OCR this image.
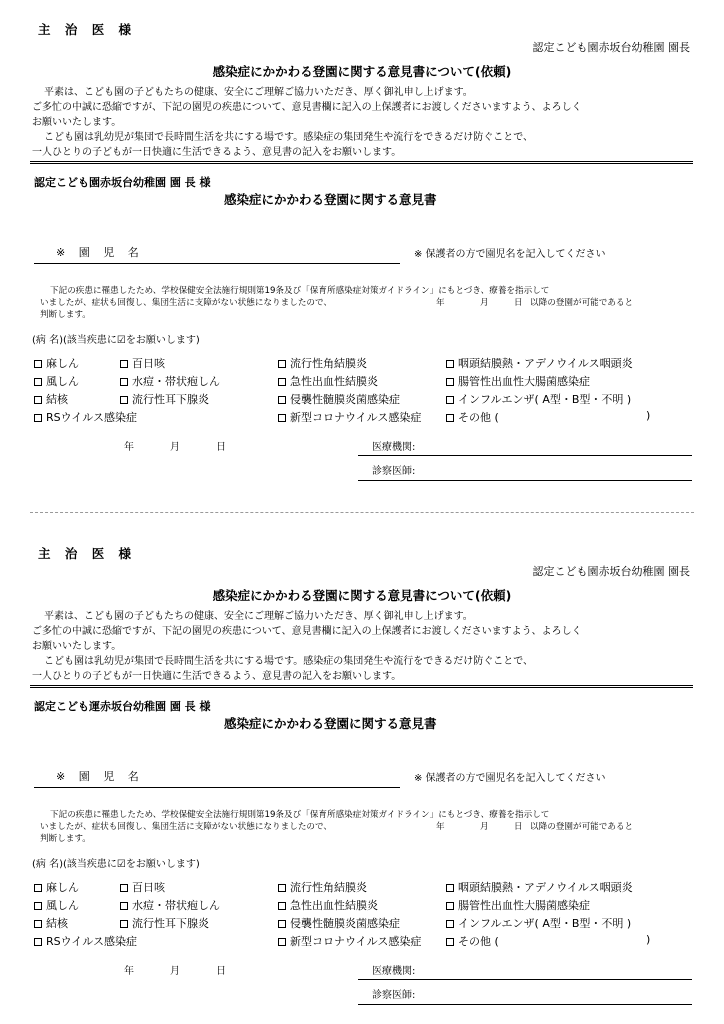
主 治 医 様
認定こども園赤坂台幼稚園 園長
感染症にかかわる登園に関する意見書について(依頼)
平素は、こども園の子どもたちの健康、安全にご理解ご協力いただき、厚く御礼申し上げます。
ご多忙の中誠に恐縮ですが、下記の園児の疾患について、意見書欄に記入の上保護者にお渡しくださいますよう、よろしく
お願いいたします。
こども園は乳幼児が集団で長時間生活を共にする場です。感染症の集団発生や流行をできるだけ防ぐことで、
一人ひとりの子どもが一日快適に生活できるよう、意見書の記入をお願いします。
認定こども園赤坂台幼稚園 園 長 様
感染症にかかわる登園に関する意見書
※ 園 児 名	※ 保護者の方で園児名を記入してください
下記の疾患に罹患したため、学校保健安全法施行規則第19条及び「保育所感染症対策ガイドライン」にもとづき、療養を指示して
いましたが、症状も回復し、集団生活に支障がない状態になりましたので、	年	月	日 以降の登園が可能であると
判断します。
(病 名)(該当疾患に☑をお願いします)
麻しん	百日咳	流行性角結膜炎	咽頭結膜熱・アデノウイルス咽頭炎
風しん	水痘・帯状疱しん	急性出血性結膜炎	腸管性出血性大腸菌感染症
結核	流行性耳下腺炎	侵襲性髄膜炎菌感染症	インフルエンザ( A型・B型・不明 )
RSウイルス感染症	新型コロナウイルス感染症	その他 (	)
年	月	日	医療機関:
診察医師:
主 治 医 様
認定こども園赤坂台幼稚園 園長
感染症にかかわる登園に関する意見書について(依頼)
平素は、こども園の子どもたちの健康、安全にご理解ご協力いただき、厚く御礼申し上げます。
ご多忙の中誠に恐縮ですが、下記の園児の疾患について、意見書欄に記入の上保護者にお渡しくださいますよう、よろしく
お願いいたします。
こども園は乳幼児が集団で長時間生活を共にする場です。感染症の集団発生や流行をできるだけ防ぐことで、
一人ひとりの子どもが一日快適に生活できるよう、意見書の記入をお願いします。
認定こども運赤坂台幼稚園 園 長 様
感染症にかかわる登園に関する意見書
※ 園 児 名	※ 保護者の方で園児名を記入してください
下記の疾患に罹患したため、学校保健安全法施行規則第19条及び「保育所感染症対策ガイドライン」にもとづき、療養を指示して
いましたが、症状も回復し、集団生活に支障がない状態になりましたので、	年	月	日 以降の登園が可能であると
判断します。
(病 名)(該当疾患に☑をお願いします)
麻しん	百日咳	流行性角結膜炎	咽頭結膜熱・アデノウイルス咽頭炎
風しん	水痘・帯状疱しん	急性出血性結膜炎	腸管性出血性大腸菌感染症
結核	流行性耳下腺炎	侵襲性髄膜炎菌感染症	インフルエンザ( A型・B型・不明 )
RSウイルス感染症	新型コロナウイルス感染症	その他 (	)
年	月	日	医療機関:
診察医師:
